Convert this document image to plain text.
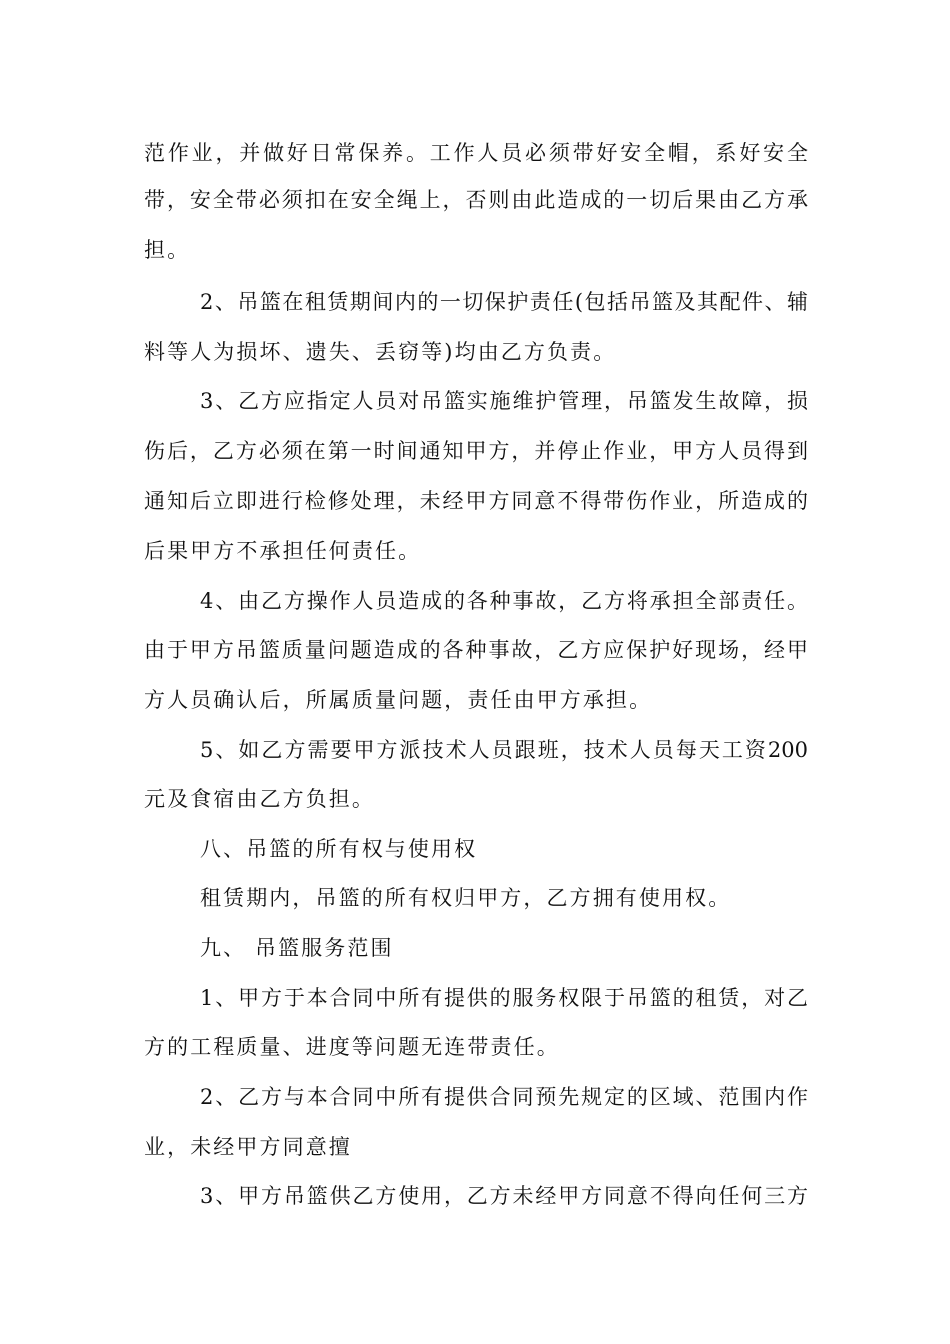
范作业，并做好日常保养。工作人员必须带好安全帽，系好安全
带，安全带必须扣在安全绳上，否则由此造成的一切后果由乙方承
担。
2、吊篮在租赁期间内的一切保护责任(包括吊篮及其配件、辅
料等人为损坏、遗失、丢窃等)均由乙方负责。
3、乙方应指定人员对吊篮实施维护管理，吊篮发生故障，损
伤后，乙方必须在第一时间通知甲方，并停止作业，甲方人员得到
通知后立即进行检修处理，未经甲方同意不得带伤作业，所造成的
后果甲方不承担任何责任。
4、由乙方操作人员造成的各种事故，乙方将承担全部责任。
由于甲方吊篮质量问题造成的各种事故，乙方应保护好现场，经甲
方人员确认后，所属质量问题，责任由甲方承担。
5、如乙方需要甲方派技术人员跟班，技术人员每天工资200
元及食宿由乙方负担。
八、吊篮的所有权与使用权
租赁期内，吊篮的所有权归甲方，乙方拥有使用权。
九、 吊篮服务范围
1、甲方于本合同中所有提供的服务权限于吊篮的租赁，对乙
方的工程质量、进度等问题无连带责任。
2、乙方与本合同中所有提供合同预先规定的区域、范围内作
业，未经甲方同意擅
3、甲方吊篮供乙方使用，乙方未经甲方同意不得向任何三方
